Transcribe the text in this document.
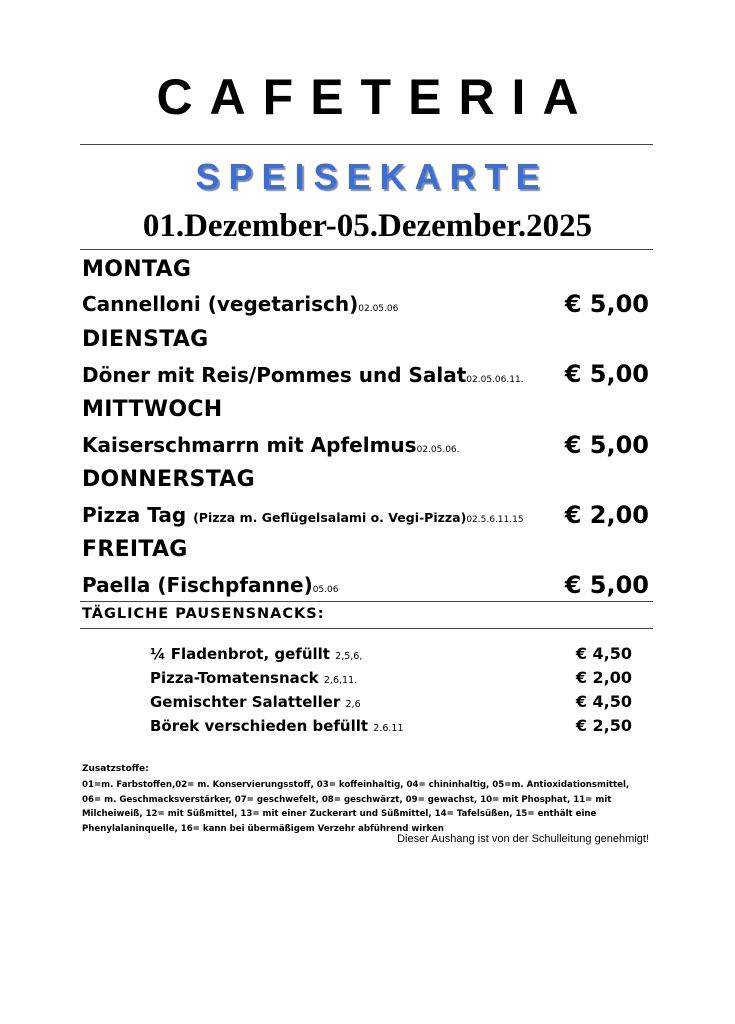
CAFETERIA
SPEISEKARTE
01.Dezember-05.Dezember.2025
MONTAG
Cannelloni (vegetarisch)02.05.06	€ 5,00
DIENSTAG
Döner mit Reis/Pommes und Salat02.05.06.11. € 5,00
MITTWOCH
Kaiserschmarrn mit Apfelmus02.05.06.	€ 5,00
DONNERSTAG
Pizza Tag (Pizza m. Geflügelsalami o. Vegi-Pizza)02.5.6.11.15 € 2,00
FREITAG
Paella (Fischpfanne)05.06	€ 5,00
TÄGLICHE PAUSENSNACKS:
¼ Fladenbrot, gefüllt 2,5,6,	€ 4,50
Pizza-Tomatensnack 2,6,11.	€ 2,00
Gemischter Salatteller 2,6	€ 4,50
Börek verschieden befüllt 2.6.11	€ 2,50
Zusatzstoffe:
01=m. Farbstoffen,02= m. Konservierungsstoff, 03= koffeinhaltig, 04= chininhaltig, 05=m. Antioxidationsmittel, 06= m. Geschmacksverstärker, 07= geschwefelt, 08= geschwärzt, 09= gewachst, 10= mit Phosphat, 11= mit Milcheiweiß, 12= mit Süßmittel, 13= mit einer Zuckerart und Süßmittel, 14= Tafelsüßen, 15= enthält eine Phenylalaninquelle, 16= kann bei übermäßigem Verzehr abführend wirken
Dieser Aushang ist von der Schulleitung genehmigt!
